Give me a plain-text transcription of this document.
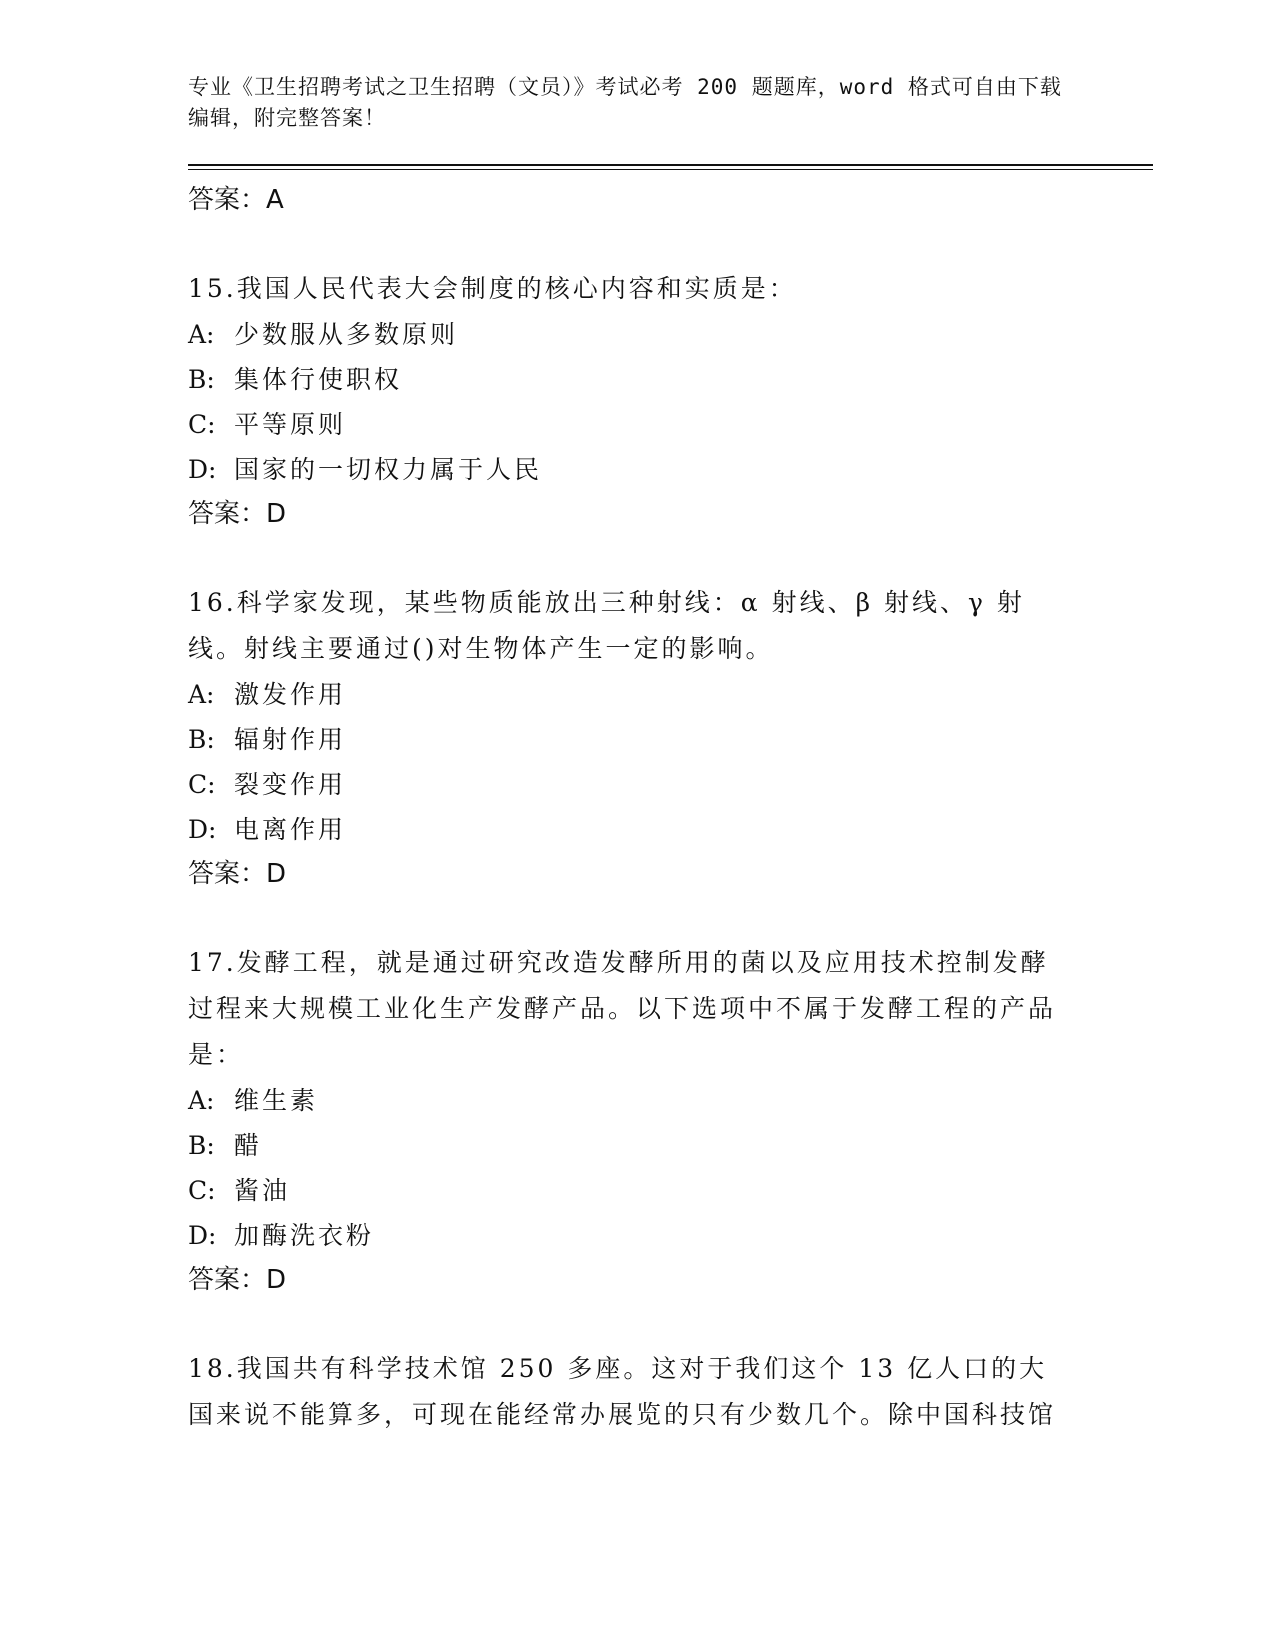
专业《卫生招聘考试之卫生招聘（文员）》考试必考 200 题题库，word 格式可自由下载编辑，附完整答案！
答案：A
15.我国人民代表大会制度的核心内容和实质是：
A: 少数服从多数原则
B: 集体行使职权
C: 平等原则
D: 国家的一切权力属于人民
答案：D
16.科学家发现，某些物质能放出三种射线：α 射线、β 射线、γ 射线。射线主要通过()对生物体产生一定的影响。
A: 激发作用
B: 辐射作用
C: 裂变作用
D: 电离作用
答案：D
17.发酵工程，就是通过研究改造发酵所用的菌以及应用技术控制发酵过程来大规模工业化生产发酵产品。以下选项中不属于发酵工程的产品是：
A: 维生素
B: 醋
C: 酱油
D: 加酶洗衣粉
答案：D
18.我国共有科学技术馆 250 多座。这对于我们这个 13 亿人口的大国来说不能算多，可现在能经常办展览的只有少数几个。除中国科技馆
